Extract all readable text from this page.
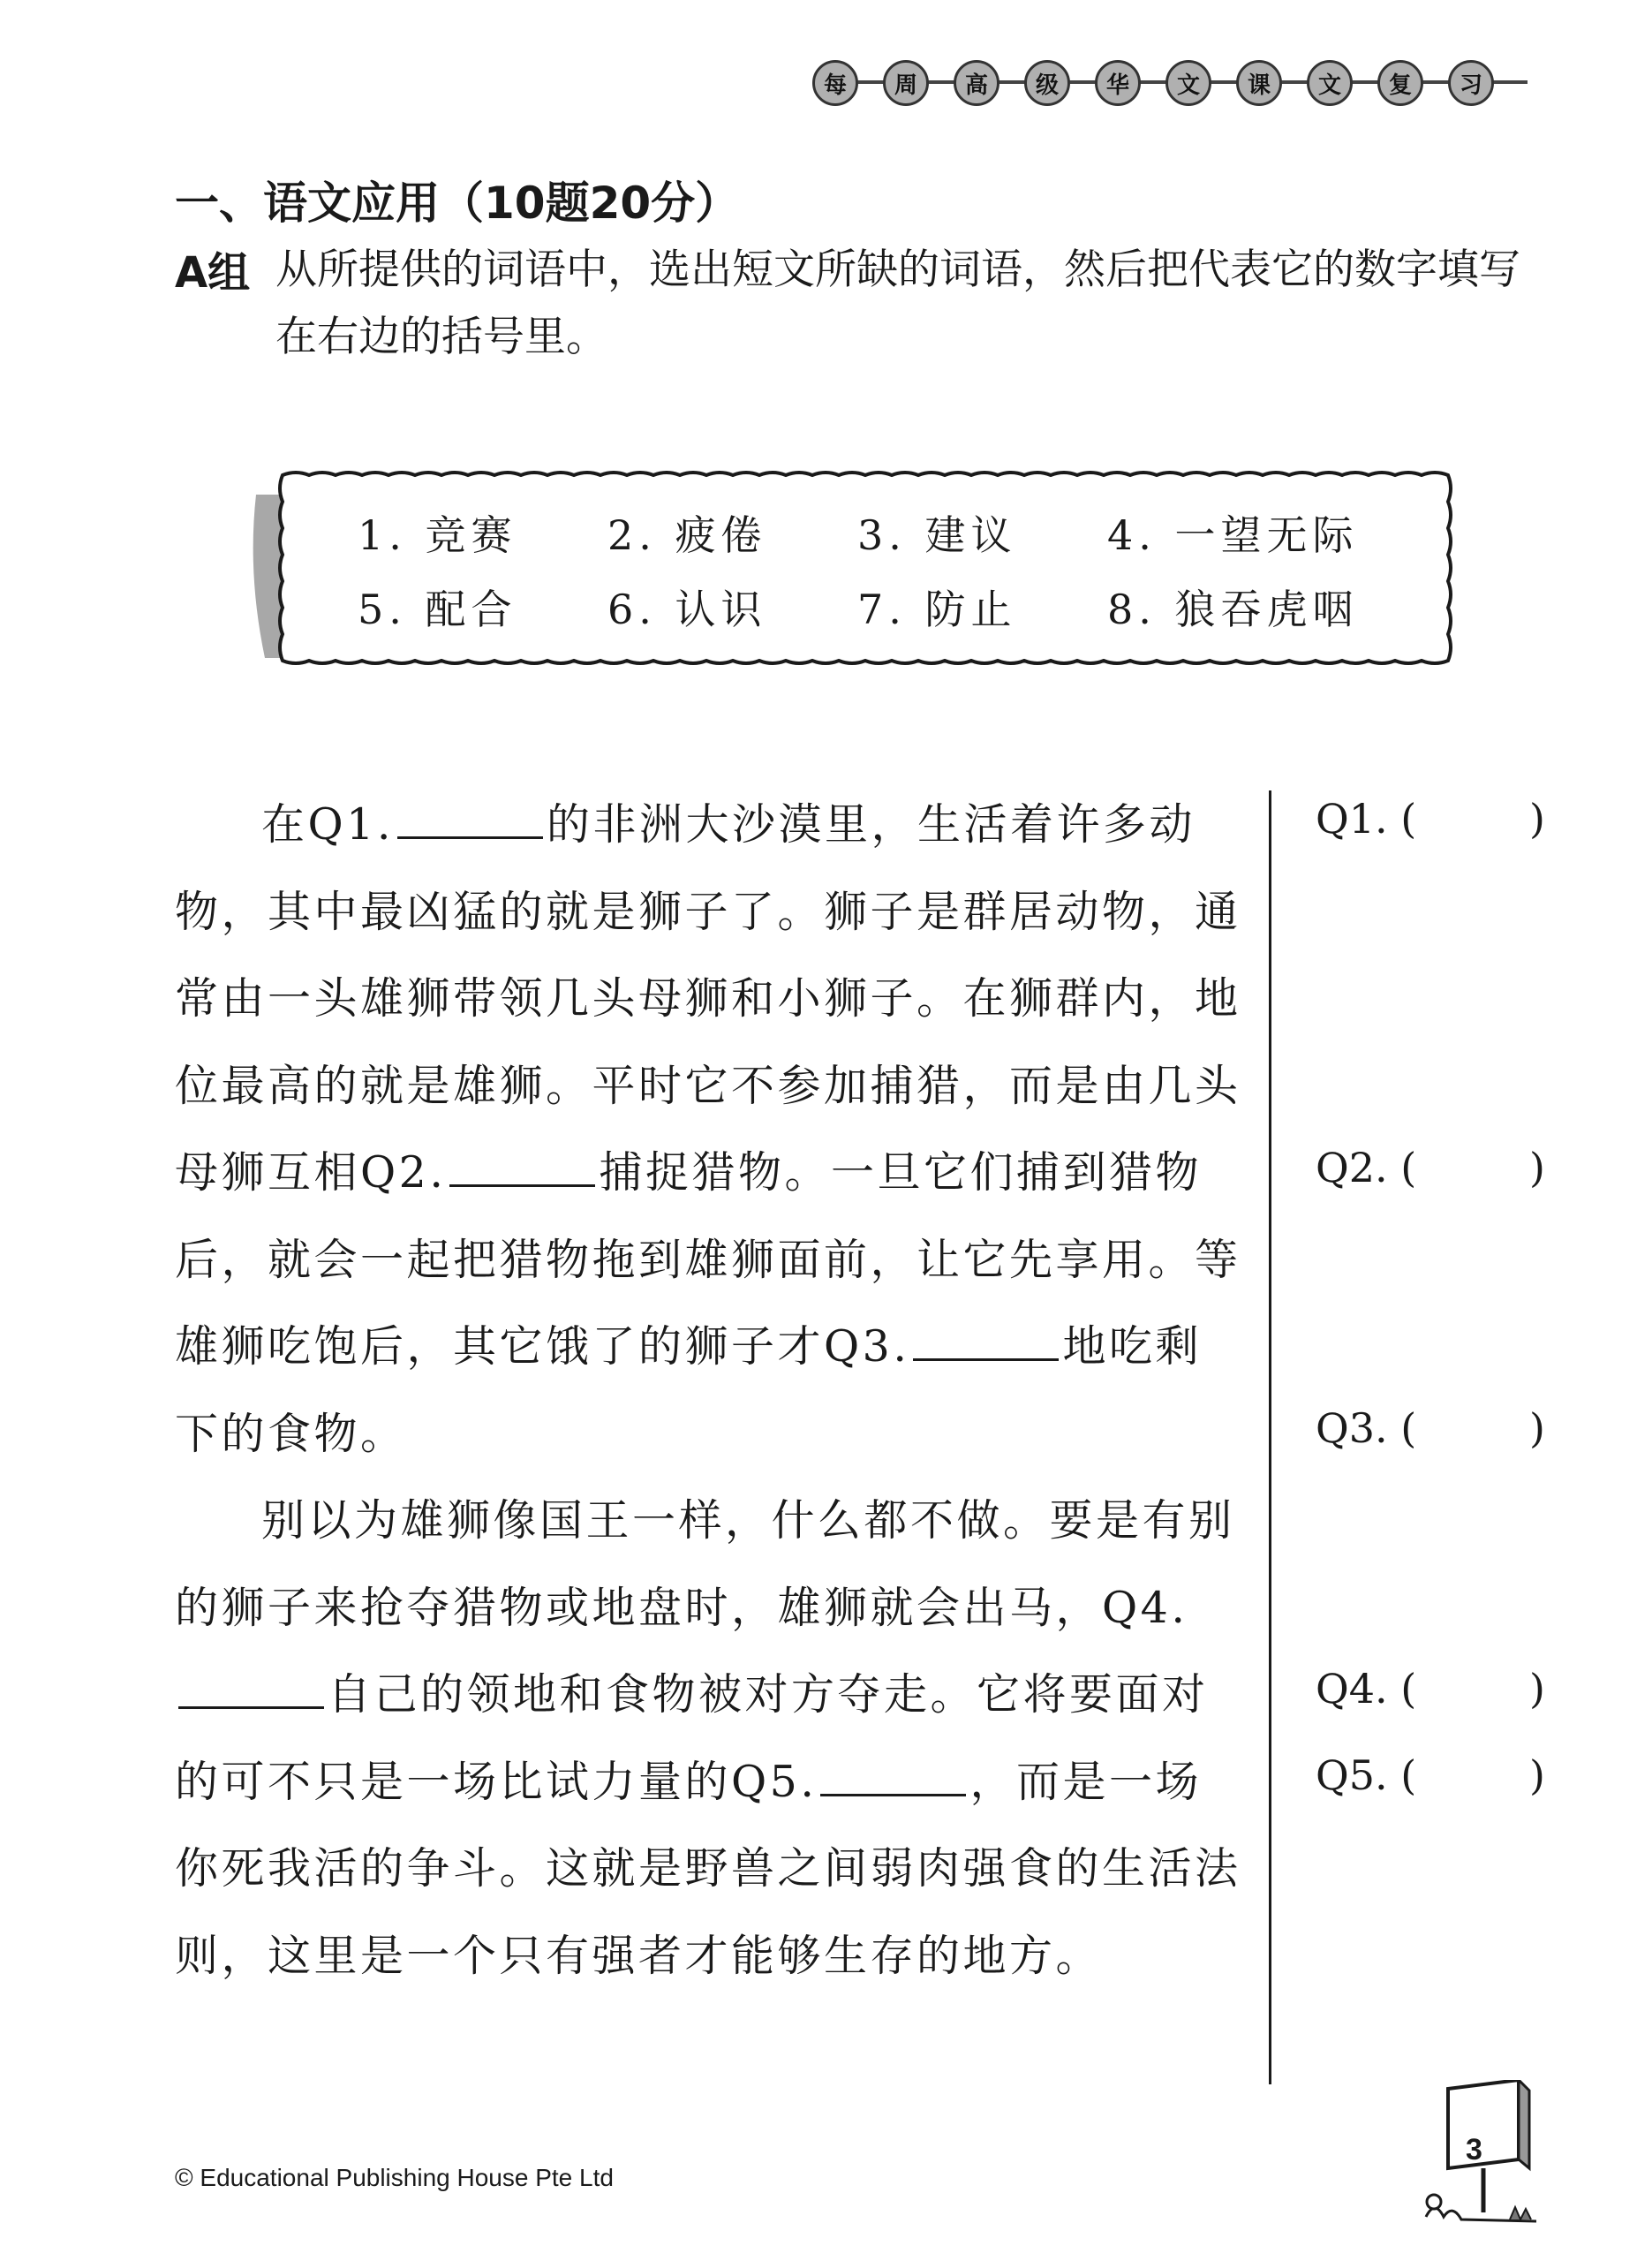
每	周	高	级	华	文	课	文	复	习
一、语文应用（10题20分）
A组 从所提供的词语中，选出短文所缺的词语，然后把代表它的数字填写在右边的括号里。
1. 竞赛	2. 疲倦	3. 建议	4. 一望无际
5. 配合	6. 认识	7. 防止	8. 狼吞虎咽

在Q1.	的非洲大沙漠里，生活着许多动物，其中最凶猛的就是狮子了。狮子是群居动物，通常由一头雄狮带领几头母狮和小狮子。在狮群内，地位最高的就是雄狮。平时它不参加捕猎，而是由几头母狮互相Q2.	捕捉猎物。一旦它们捕到猎物后，就会一起把猎物拖到雄狮面前，让它先享用。等雄狮吃饱后，其它饿了的狮子才Q3.	地吃剩下的食物。

别以为雄狮像国王一样，什么都不做。要是有别的狮子来抢夺猎物或地盘时，雄狮就会出马，Q4.自己的领地和食物被对方夺走。它将要面对的可不只是一场比试力量的Q5.	，而是一场你死我活的争斗。这就是野兽之间弱肉强食的生活法则，这里是一个只有强者才能够生存的地方。

Q1. (	)
Q2. (	)
Q3. (	)
Q4. (	)
Q5. (	)
© Educational Publishing House Pte Ltd
3
